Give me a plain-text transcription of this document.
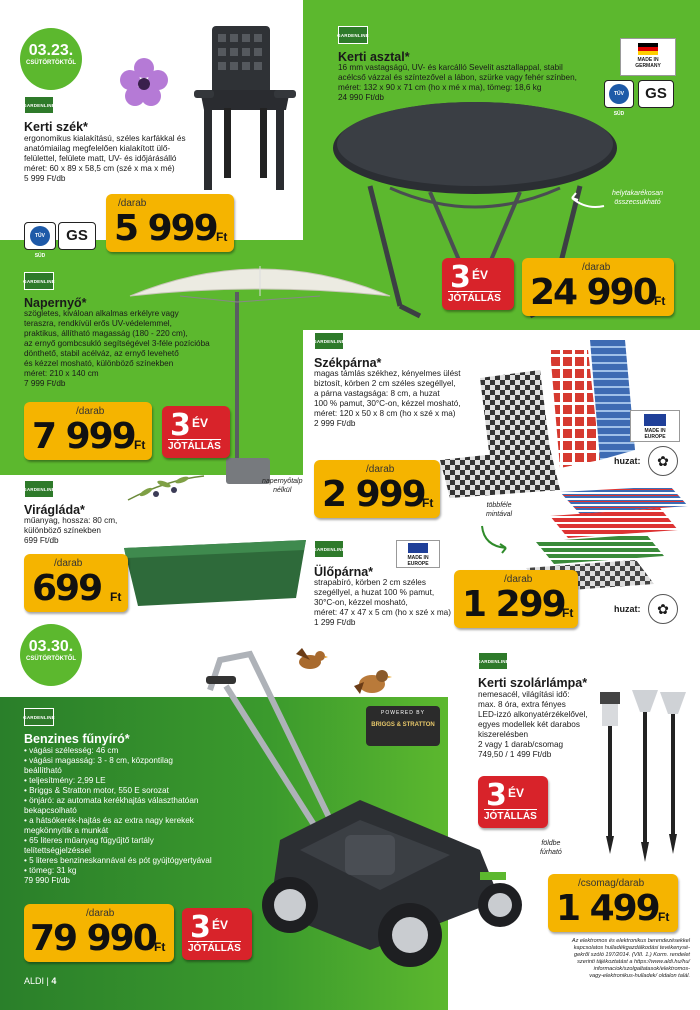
03.23.
CSÜTÖRTÖKTŐL
GARDENLINE
Kerti szék*
ergonomikus kialakítású, széles karfákkal és
anatómiailag megfelelően kialakított ülő-
felülettel, felülete matt, UV- és időjárásálló
méret: 60 x 89 x 58,5 cm (szé x ma x mé)
5 999 Ft/db
TÜV SÜD
GS
/darab
5 999 Ft
GARDENLINE
Kerti asztal*
16 mm vastagságú, UV- és karcálló Sevelit asztallappal, stabil
acélcső vázzal és színtezővel a lábon, szürke vagy fehér színben,
méret: 132 x 90 x 71 cm (ho x mé x ma), tömeg: 18,6 kg
24 990 Ft/db
MADE IN
GERMANY
TÜV SÜD
GS
helytakarékosan
összecsukható
3 ÉV
JÓTÁLLÁS
/darab
24 990
Ft
GARDENLINE
Napernyő*
szögletes, kiváloan alkalmas erkélyre vagy
teraszra, rendkívül erős UV-védelemmel,
praktikus, állítható magasság (180 - 220 cm),
az ernyő gombcsukló segítségével 3-féle pozícióba
dönthető, stabil acélváz, az ernyő levehető
és kézzel mosható, különböző színekben
méret: 210 x 140 cm
7 999 Ft/db
napernyőtalp
nélkül
/darab
7 999 Ft
3 ÉV
JÓTÁLLÁS
GARDENLINE
Székpárna*
magas támlás székhez, kényelmes ülést
biztosít, körben 2 cm széles szegéllyel,
a párna vastagsága: 8 cm, a huzat
100 % pamut, 30°C-on, kézzel mosható,
méret: 120 x 50 x 8 cm (ho x szé x ma)
2 999 Ft/db
MADE IN
EUROPE
huzat:	✿
/darab
2 999
Ft
GARDENLINE
Virágláda*
műanyag, hossza: 80 cm,
különböző színekben
699 Ft/db
/darab
699 Ft
GARDENLINE
MADE IN
EUROPE
Ülőpárna*
strapabíró, körben 2 cm széles
szegéllyel, a huzat 100 % pamut,
30°C-on, kézzel mosható,
méret: 47 x 47 x 5 cm (ho x szé x ma)
1 299 Ft/db
többféle
mintával
/darab
1 299
Ft	huzat:	✿
03.30.
CSÜTÖRTÖKTŐL
POWERED BY
BRIGGS & STRATTON
GARDENLINE
Benzines fűnyíró*
• vágási szélesség: 46 cm
• vágási magasság: 3 - 8 cm, központilag
beállítható
• teljesítmény: 2,99 LE
• Briggs & Stratton motor, 550 E sorozat
• önjáró: az automata kerékhajtás választhatóan
bekapcsolható
• a hátsókerék-hajtás és az extra nagy kerekek
megkönnyítik a munkát
• 65 literes műanyag fűgyűjtő tartály
telítettségjelzéssel
• 5 literes benzineskannával és pót gyújtógyertyával
• tömeg: 31 kg
79 990 Ft/db
/darab
79 990
Ft
3 ÉV
JÓTÁLLÁS
ALDI | 4
GARDENLINE
Kerti szolárlámpa*
nemesacél, világítási idő:
max. 8 óra, extra fényes
LED-izzó alkonyatérzékelővel,
egyes modellek két darabos
kiszerelésben
2 vagy 1 darab/csomag
749,50 / 1 499 Ft/db
3 ÉV
JÓTÁLLÁS
földbe
fúrható
/csomag/darab
1 499 Ft
Az elektromos és elektronikus berendezésekkel
kapcsolatos hulladékgazdálkodási tevékenysé-
gekről szóló 197/2014. (VIII. 1.) Korm. rendelet
szerinti tájékoztatást a https://www.aldi.hu/hu/
informaciok/szolgaltatasok/elektromos-
vagy-elektronikus-hulladek/ oldalon talál.
